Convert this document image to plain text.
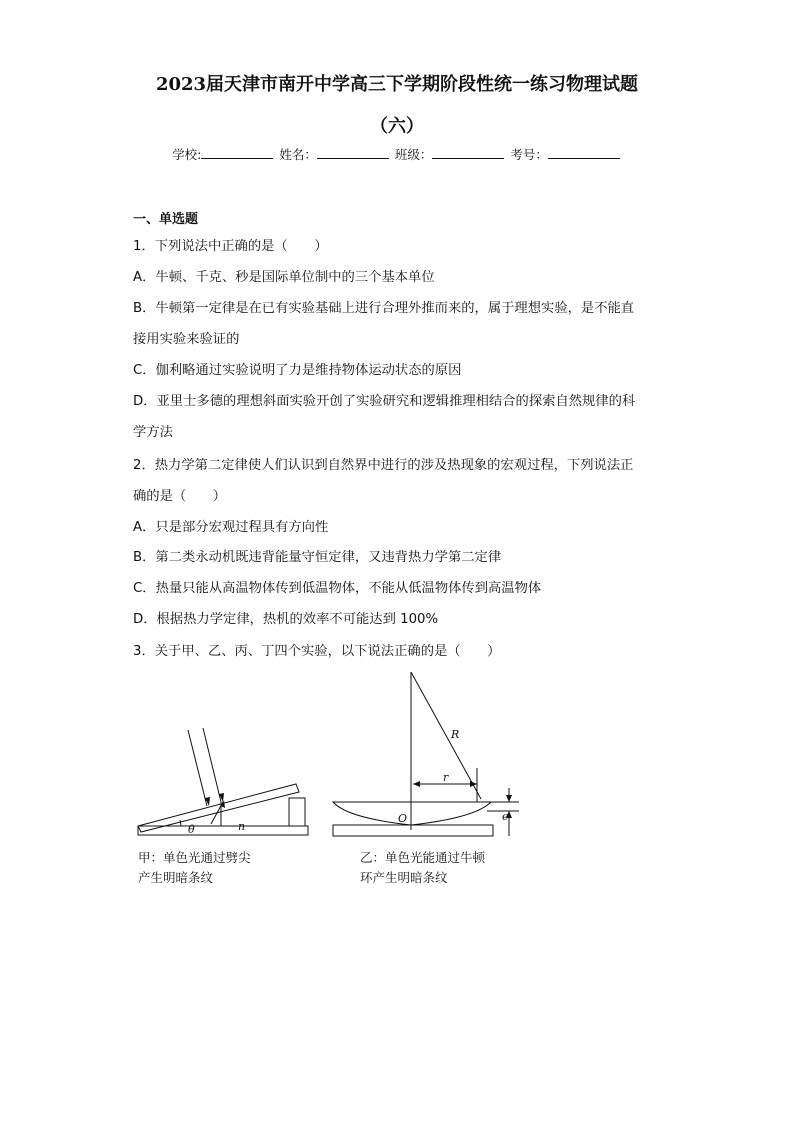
2023届天津市南开中学高三下学期阶段性统一练习物理试题
（六）
学校:	姓名：	班级：	考号：
一、单选题
1．下列说法中正确的是（　　）
A．牛顿、千克、秒是国际单位制中的三个基本单位
B．牛顿第一定律是在已有实验基础上进行合理外推而来的，属于理想实验，是不能直
接用实验来验证的
C．伽利略通过实验说明了力是维持物体运动状态的原因
D．亚里士多德的理想斜面实验开创了实验研究和逻辑推理相结合的探索自然规律的科
学方法
2．热力学第二定律使人们认识到自然界中进行的涉及热现象的宏观过程，下列说法正
确的是（　　）
A．只是部分宏观过程具有方向性
B．第二类永动机既违背能量守恒定律，又违背热力学第二定律
C．热量只能从高温物体传到低温物体，不能从低温物体传到高温物体
D．根据热力学定律，热机的效率不可能达到 100%
3．关于甲、乙、丙、丁四个实验，以下说法正确的是（　　）
θ	n
甲：单色光通过劈尖
产生明暗条纹
R
r
O	e
乙：单色光能通过牛顿
环产生明暗条纹
